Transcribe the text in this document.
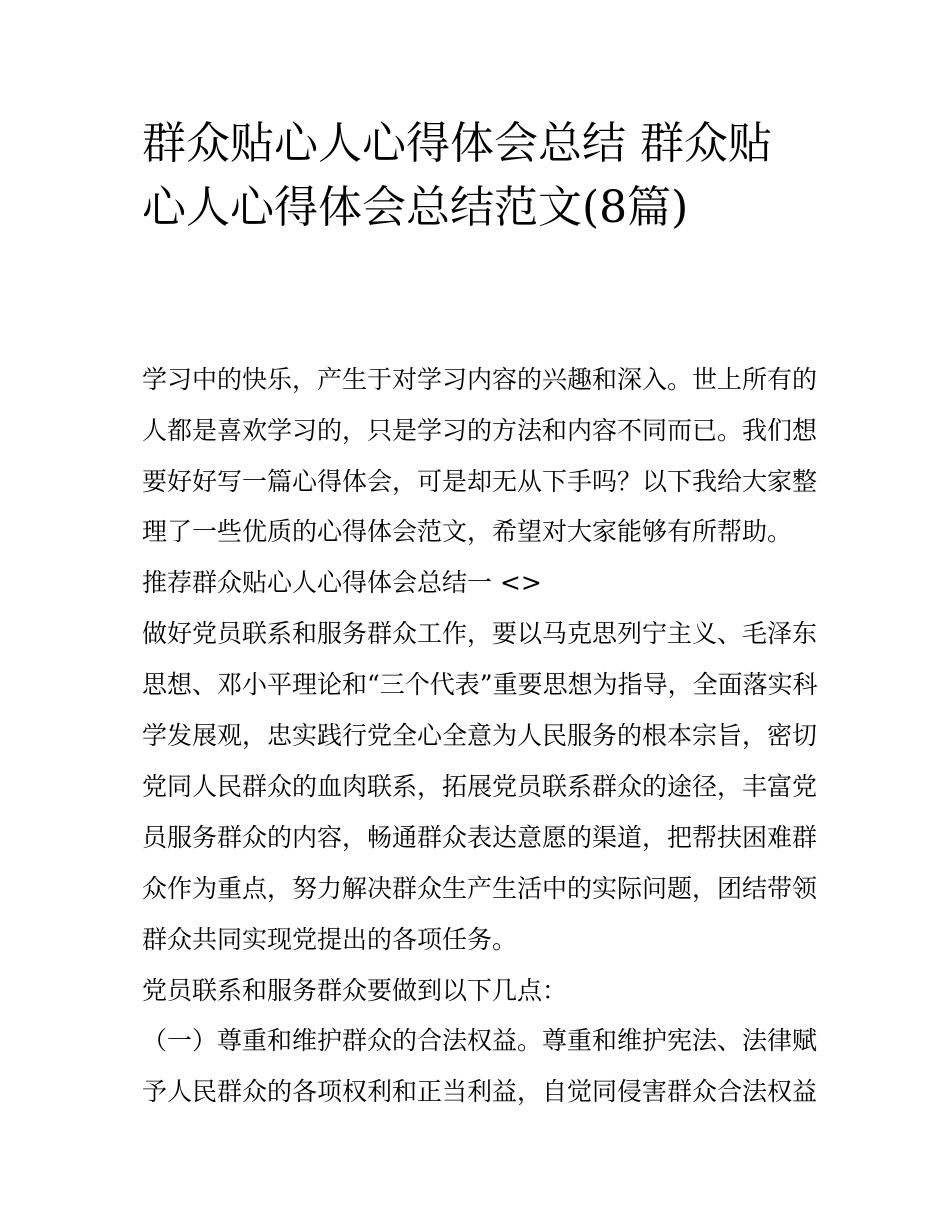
群众贴心人心得体会总结 群众贴心人心得体会总结范文(8篇)

学习中的快乐，产生于对学习内容的兴趣和深入。世上所有的

人都是喜欢学习的，只是学习的方法和内容不同而已。我们想

要好好写一篇心得体会，可是却无从下手吗？以下我给大家整

理了一些优质的心得体会范文，希望对大家能够有所帮助。

推荐群众贴心人心得体会总结一 <>

做好党员联系和服务群众工作，要以马克思列宁主义、毛泽东

思想、邓小平理论和“三个代表”重要思想为指导，全面落实科

学发展观，忠实践行党全心全意为人民服务的根本宗旨，密切

党同人民群众的血肉联系，拓展党员联系群众的途径，丰富党

员服务群众的内容，畅通群众表达意愿的渠道，把帮扶困难群

众作为重点，努力解决群众生产生活中的实际问题，团结带领

群众共同实现党提出的各项任务。

党员联系和服务群众要做到以下几点：

（一）尊重和维护群众的合法权益。尊重和维护宪法、法律赋

予人民群众的各项权利和正当利益，自觉同侵害群众合法权益
